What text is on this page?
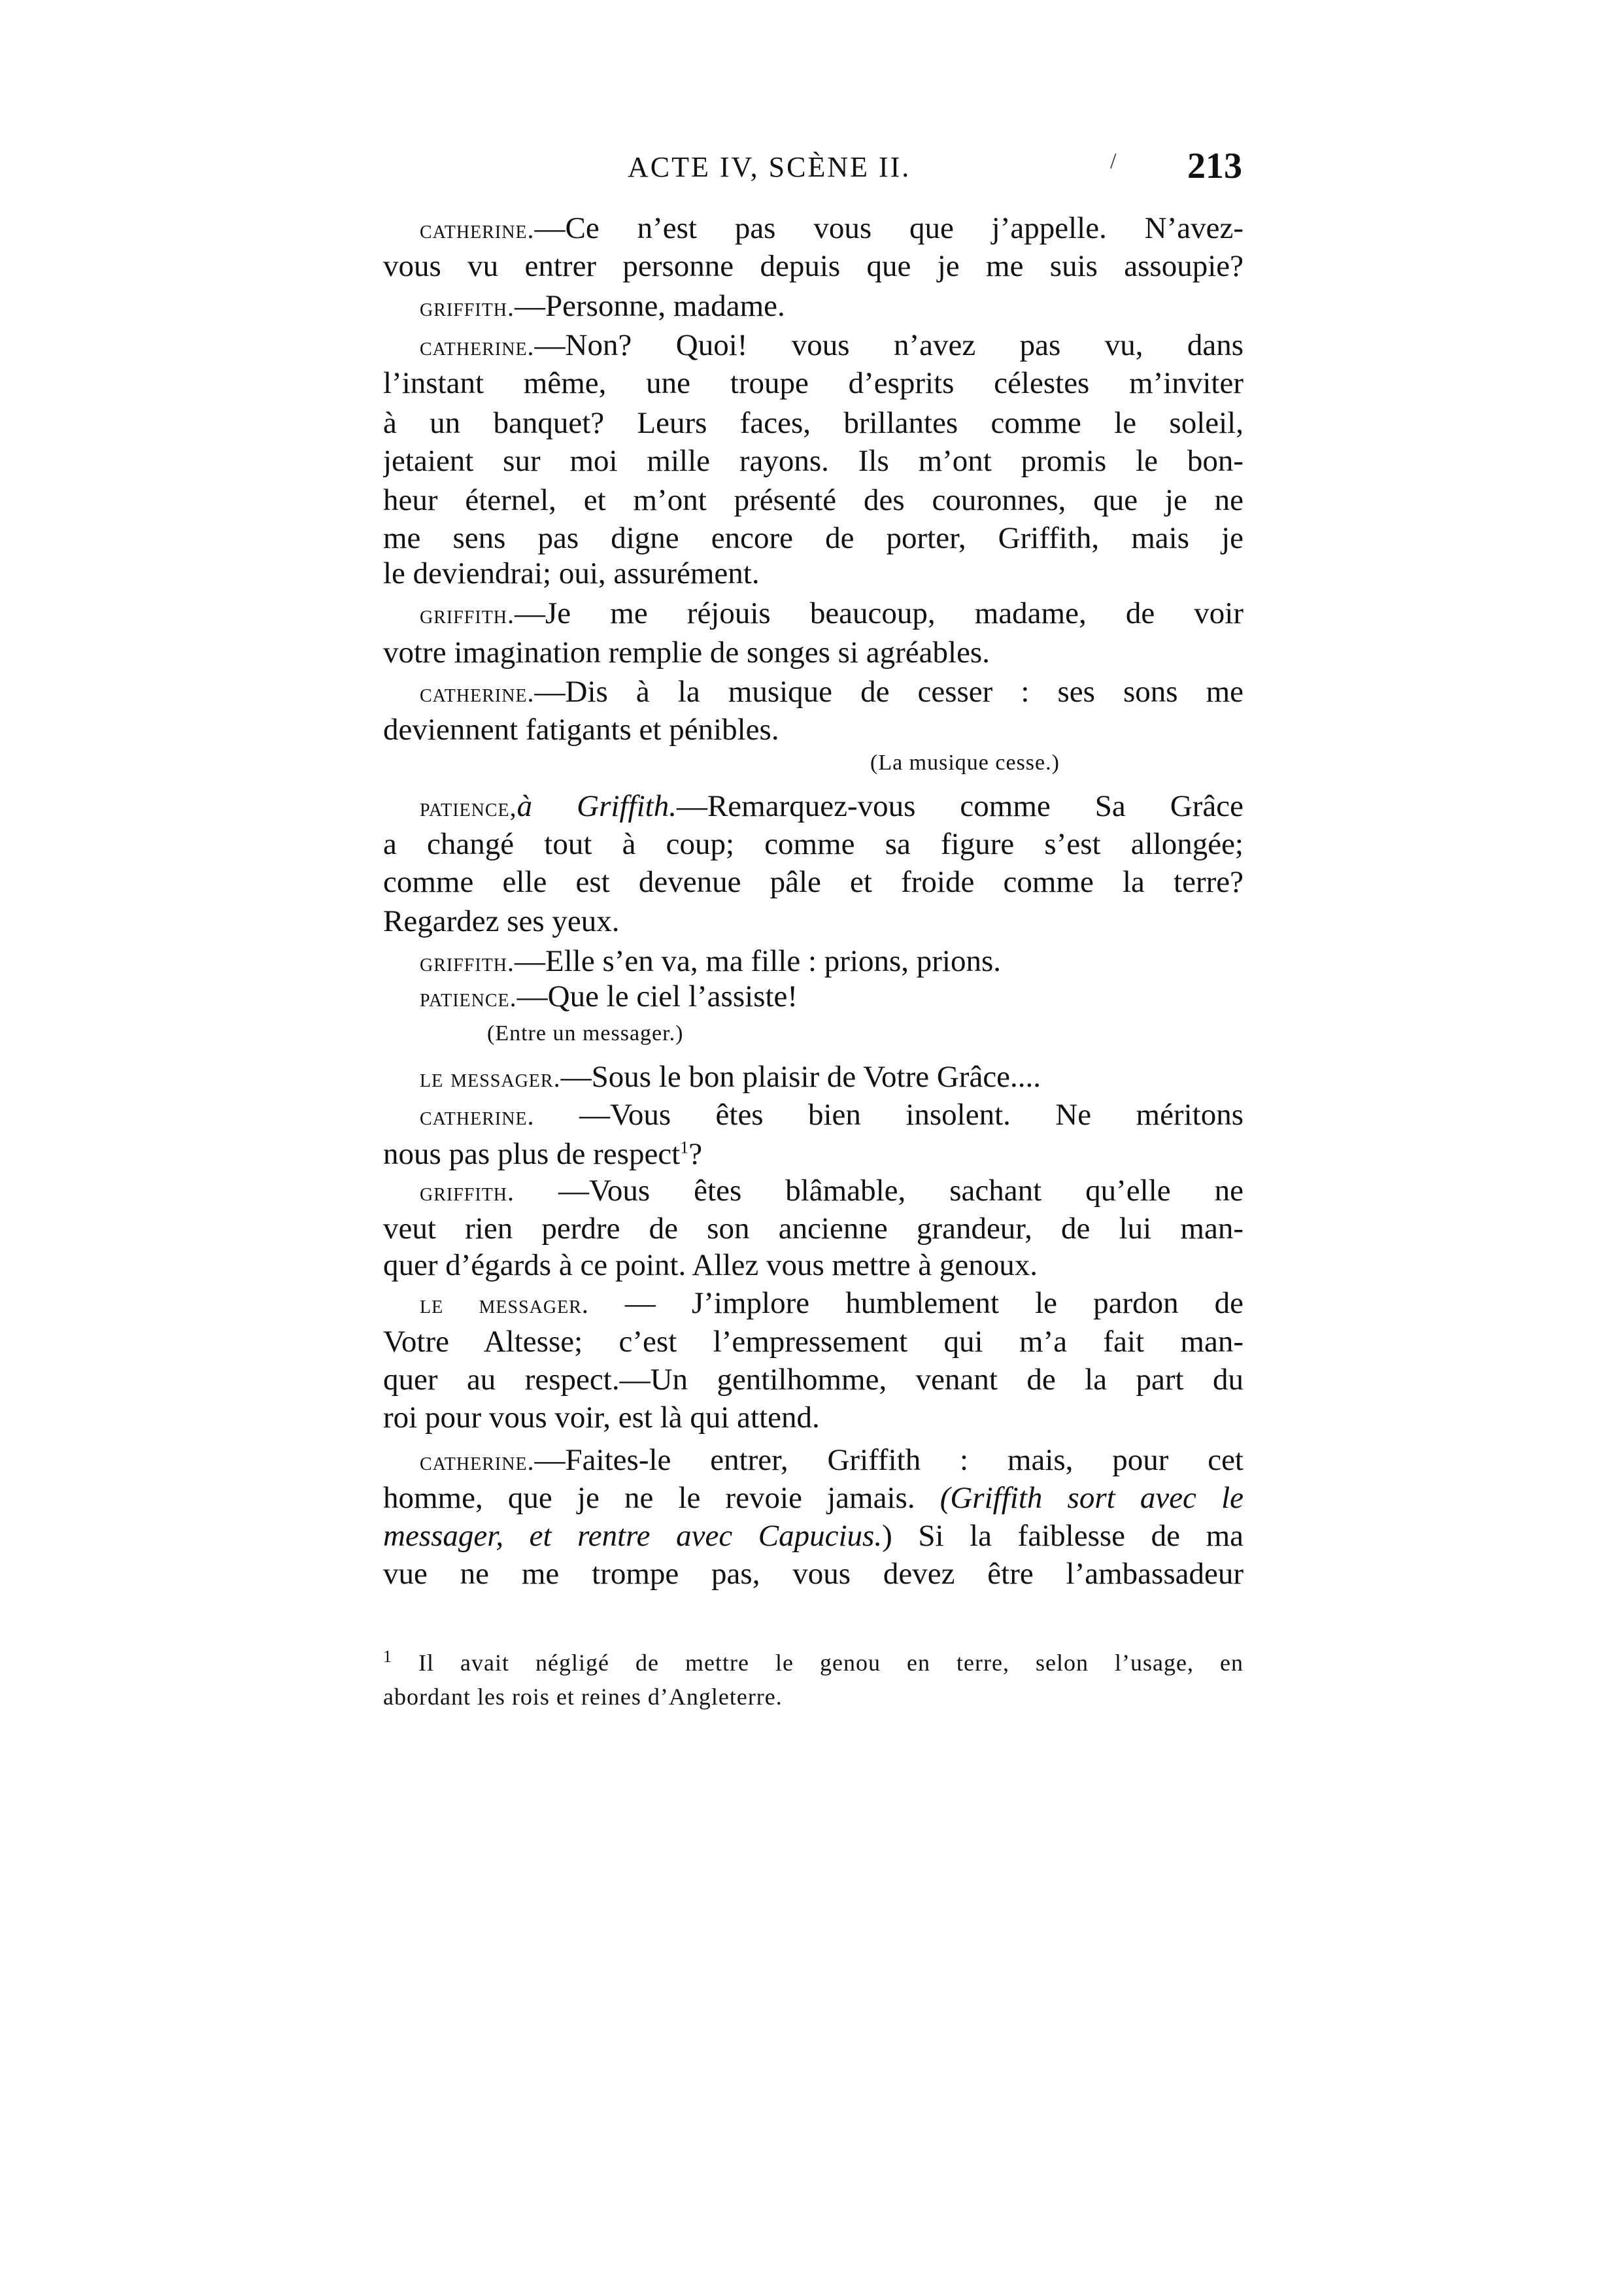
ACTE IV, SCÈNE II.	/ 213
catherine.—Ce n’est pas vous que j’appelle. N’avez-
vous vu entrer personne depuis que je me suis assoupie?
griffith.—Personne, madame.
catherine.—Non? Quoi! vous n’avez pas vu, dans
l’instant même, une troupe d’esprits célestes m’inviter
à un banquet? Leurs faces, brillantes comme le soleil,
jetaient sur moi mille rayons. Ils m’ont promis le bon-
heur éternel, et m’ont présenté des couronnes, que je ne
me sens pas digne encore de porter, Griffith, mais je
le deviendrai; oui, assurément.
griffith.—Je me réjouis beaucoup, madame, de voir
votre imagination remplie de songes si agréables.
catherine.—Dis à la musique de cesser : ses sons me
deviennent fatigants et pénibles.
patience,à Griffith.—Remarquez-vous comme Sa Grâce
a changé tout à coup; comme sa figure s’est allongée;
comme elle est devenue pâle et froide comme la terre?
Regardez ses yeux.
griffith.—Elle s’en va, ma fille : prions, prions.
patience.—Que le ciel l’assiste!
le messager.—Sous le bon plaisir de Votre Grâce....
catherine. —Vous êtes bien insolent. Ne méritons
nous pas plus de respect$^1$?
griffith. —Vous êtes blâmable, sachant qu’elle ne
veut rien perdre de son ancienne grandeur, de lui man-
quer d’égards à ce point. Allez vous mettre à genoux.
le messager. — J’implore humblement le pardon de
Votre Altesse; c’est l’empressement qui m’a fait man-
quer au respect.—Un gentilhomme, venant de la part du
roi pour vous voir, est là qui attend.
catherine.—Faites-le entrer, Griffith : mais, pour cet
homme, que je ne le revoie jamais. (Griffith sort avec le
messager, et rentre avec Capucius.) Si la faiblesse de ma
vue ne me trompe pas, vous devez être l’ambassadeur
(La musique cesse.)
(Entre un messager.)
$^1$ Il avait négligé de mettre le genou en terre, selon l’usage, en
abordant les rois et reines d’Angleterre.
